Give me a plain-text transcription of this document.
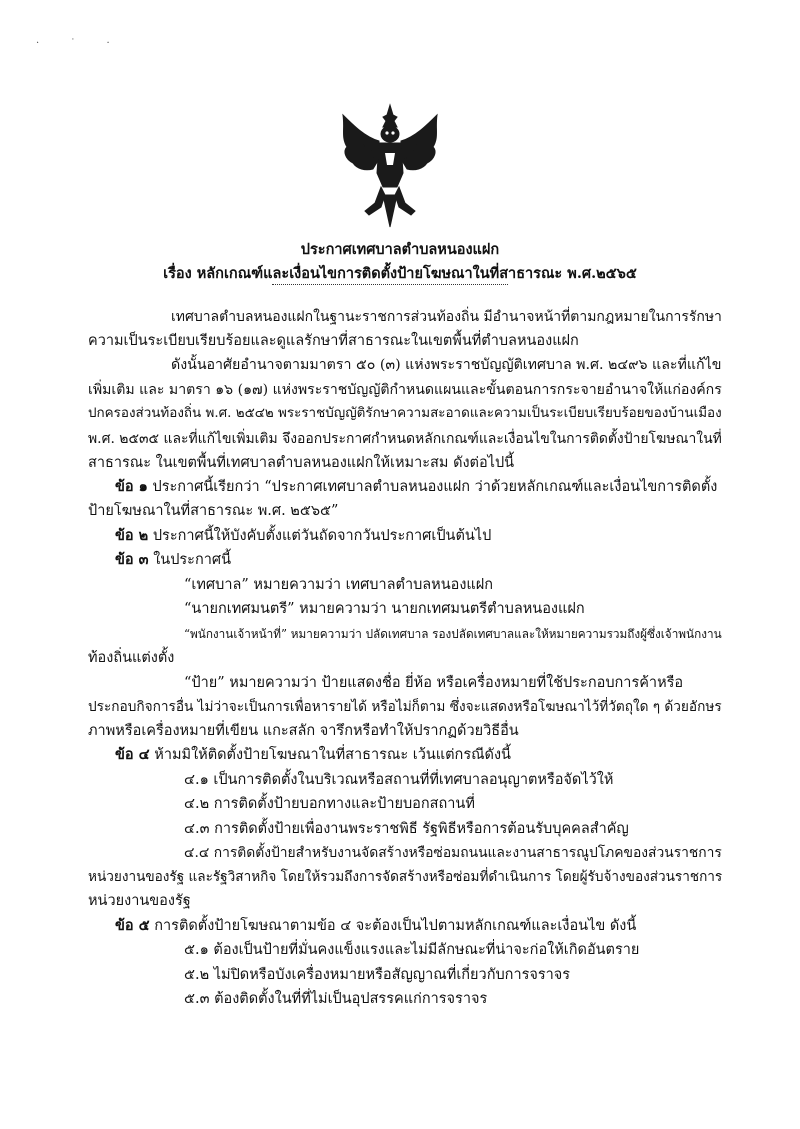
· ˙ ·
ประกาศเทศบาลตำบลหนองแฝก
เรื่อง หลักเกณฑ์และเงื่อนไขการติดตั้งป้ายโฆษณาในที่สาธารณะ พ.ศ.๒๕๖๕
เทศบาลตำบลหนองแฝกในฐานะราชการส่วนท้องถิ่น มีอำนาจหน้าที่ตามกฎหมายในการรักษา
ความเป็นระเบียบเรียบร้อยและดูแลรักษาที่สาธารณะในเขตพื้นที่ตำบลหนองแฝก
ดังนั้นอาศัยอำนาจตามมาตรา ๕๐ (๓) แห่งพระราชบัญญัติเทศบาล พ.ศ. ๒๔๙๖ และที่แก้ไข
เพิ่มเติม และ มาตรา ๑๖ (๑๗) แห่งพระราชบัญญัติกำหนดแผนและขั้นตอนการกระจายอำนาจให้แก่องค์กร
ปกครองส่วนท้องถิ่น พ.ศ. ๒๕๔๒ พระราชบัญญัติรักษาความสะอาดและความเป็นระเบียบเรียบร้อยของบ้านเมือง
พ.ศ. ๒๕๓๕ และที่แก้ไขเพิ่มเติม จึงออกประกาศกำหนดหลักเกณฑ์และเงื่อนไขในการติดตั้งป้ายโฆษณาในที่
สาธารณะ ในเขตพื้นที่เทศบาลตำบลหนองแฝกให้เหมาะสม ดังต่อไปนี้
ข้อ ๑ ประกาศนี้เรียกว่า “ประกาศเทศบาลตำบลหนองแฝก ว่าด้วยหลักเกณฑ์และเงื่อนไขการติดตั้ง
ป้ายโฆษณาในที่สาธารณะ พ.ศ. ๒๕๖๕”
ข้อ ๒ ประกาศนี้ให้บังคับตั้งแต่วันถัดจากวันประกาศเป็นต้นไป
ข้อ ๓ ในประกาศนี้
“เทศบาล” หมายความว่า เทศบาลตำบลหนองแฝก
“นายกเทศมนตรี” หมายความว่า นายกเทศมนตรีตำบลหนองแฝก
“พนักงานเจ้าหน้าที่” หมายความว่า ปลัดเทศบาล รองปลัดเทศบาลและให้หมายความรวมถึงผู้ซึ่งเจ้าพนักงาน
ท้องถิ่นแต่งตั้ง
“ป้าย” หมายความว่า ป้ายแสดงชื่อ ยี่ห้อ หรือเครื่องหมายที่ใช้ประกอบการค้าหรือ
ประกอบกิจการอื่น ไม่ว่าจะเป็นการเพื่อหารายได้ หรือไม่ก็ตาม ซึ่งจะแสดงหรือโฆษณาไว้ที่วัตถุใด ๆ ด้วยอักษร
ภาพหรือเครื่องหมายที่เขียน แกะสลัก จารึกหรือทำให้ปรากฏด้วยวิธีอื่น
ข้อ ๔ ห้ามมิให้ติดตั้งป้ายโฆษณาในที่สาธารณะ เว้นแต่กรณีดังนี้
๔.๑ เป็นการติดตั้งในบริเวณหรือสถานที่ที่เทศบาลอนุญาตหรือจัดไว้ให้
๔.๒ การติดตั้งป้ายบอกทางและป้ายบอกสถานที่
๔.๓ การติดตั้งป้ายเพื่องานพระราชพิธี รัฐพิธีหรือการต้อนรับบุคคลสำคัญ
๔.๔ การติดตั้งป้ายสำหรับงานจัดสร้างหรือซ่อมถนนและงานสาธารณูปโภคของส่วนราชการ
หน่วยงานของรัฐ และรัฐวิสาหกิจ โดยให้รวมถึงการจัดสร้างหรือซ่อมที่ดำเนินการ โดยผู้รับจ้างของส่วนราชการ
หน่วยงานของรัฐ
ข้อ ๕ การติดตั้งป้ายโฆษณาตามข้อ ๔ จะต้องเป็นไปตามหลักเกณฑ์และเงื่อนไข ดังนี้
๕.๑ ต้องเป็นป้ายที่มั่นคงแข็งแรงและไม่มีลักษณะที่น่าจะก่อให้เกิดอันตราย
๕.๒ ไม่ปิดหรือบังเครื่องหมายหรือสัญญาณที่เกี่ยวกับการจราจร
๕.๓ ต้องติดตั้งในที่ที่ไม่เป็นอุปสรรคแก่การจราจร
